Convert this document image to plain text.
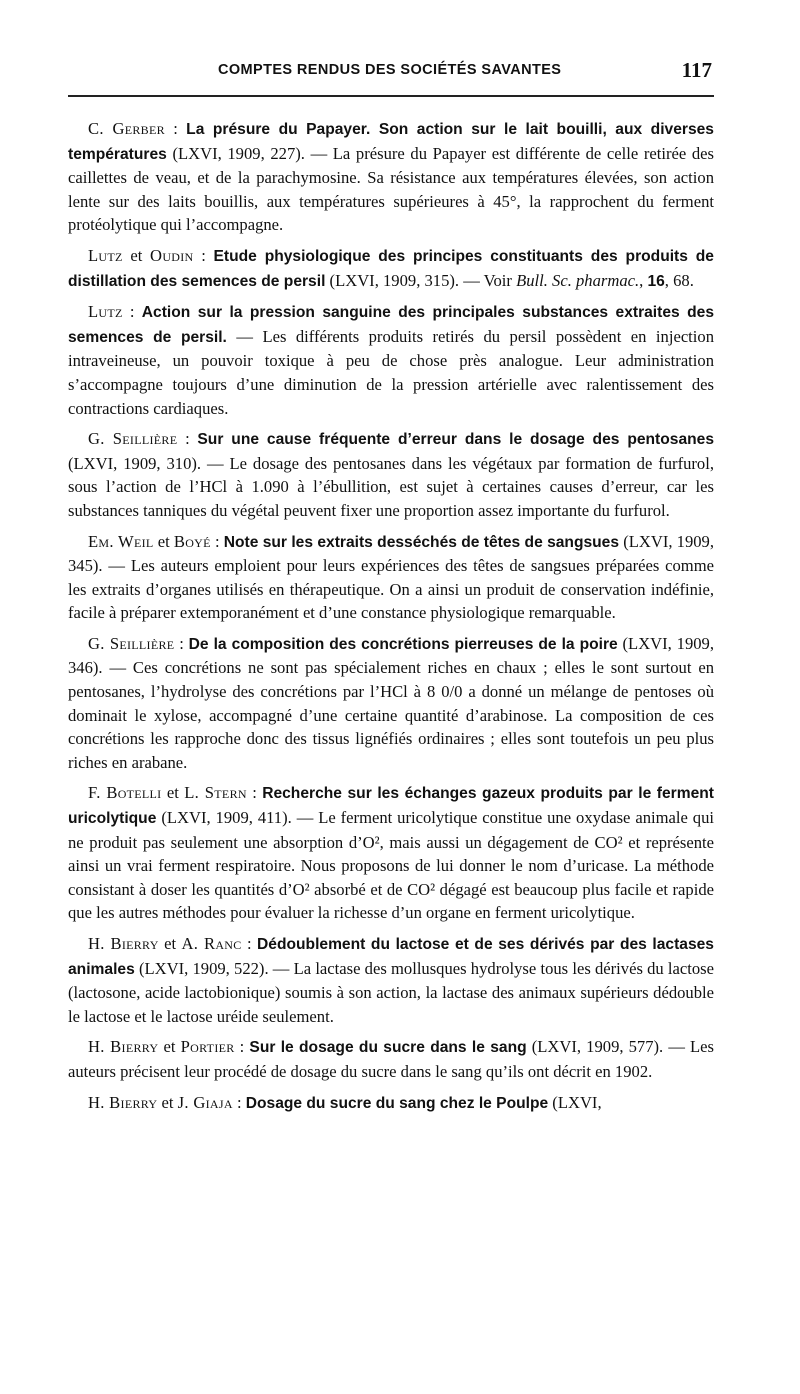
COMPTES RENDUS DES SOCIÉTÉS SAVANTES	117

C. Gerber : La présure du Papayer. Son action sur le lait bouilli, aux diverses températures (LXVI, 1909, 227). — La présure du Papayer est différente de celle retirée des caillettes de veau, et de la parachymosine. Sa résistance aux températures élevées, son action lente sur des laits bouillis, aux températures supérieures à 45°, la rapprochent du ferment protéolytique qui l’accompagne.

Lutz et Oudin : Etude physiologique des principes constituants des produits de distillation des semences de persil (LXVI, 1909, 315). — Voir Bull. Sc. pharmac., 16, 68.

Lutz : Action sur la pression sanguine des principales substances extraites des semences de persil. — Les différents produits retirés du persil possèdent en injection intraveineuse, un pouvoir toxique à peu de chose près analogue. Leur administration s’accompagne toujours d’une diminution de la pression artérielle avec ralentissement des contractions cardiaques.

G. Seillière : Sur une cause fréquente d’erreur dans le dosage des pentosanes (LXVI, 1909, 310). — Le dosage des pentosanes dans les végétaux par formation de furfurol, sous l’action de l’HCl à 1.090 à l’ébullition, est sujet à certaines causes d’erreur, car les substances tanniques du végétal peuvent fixer une proportion assez importante du furfurol.

Em. Weil et Boyé : Note sur les extraits desséchés de têtes de sangsues (LXVI, 1909, 345). — Les auteurs emploient pour leurs expériences des têtes de sangsues préparées comme les extraits d’organes utilisés en thérapeutique. On a ainsi un produit de conservation indéfinie, facile à préparer extemporanément et d’une constance physiologique remarquable.

G. Seillière : De la composition des concrétions pierreuses de la poire (LXVI, 1909, 346). — Ces concrétions ne sont pas spécialement riches en chaux ; elles le sont surtout en pentosanes, l’hydrolyse des concrétions par l’HCl à 8 0/0 a donné un mélange de pentoses où dominait le xylose, accompagné d’une certaine quantité d’arabinose. La composition de ces concrétions les rapproche donc des tissus lignéfiés ordinaires ; elles sont toutefois un peu plus riches en arabane.

F. Botelli et L. Stern : Recherche sur les échanges gazeux produits par le ferment uricolytique (LXVI, 1909, 411). — Le ferment uricolytique constitue une oxydase animale qui ne produit pas seulement une absorption d’O², mais aussi un dégagement de CO² et représente ainsi un vrai ferment respiratoire. Nous proposons de lui donner le nom d’uricase. La méthode consistant à doser les quantités d’O² absorbé et de CO² dégagé est beaucoup plus facile et rapide que les autres méthodes pour évaluer la richesse d’un organe en ferment uricolytique.

H. Bierry et A. Ranc : Dédoublement du lactose et de ses dérivés par des lactases animales (LXVI, 1909, 522). — La lactase des mollusques hydrolyse tous les dérivés du lactose (lactosone, acide lactobionique) soumis à son action, la lactase des animaux supérieurs dédouble le lactose et le lactose uréide seulement.

H. Bierry et Portier : Sur le dosage du sucre dans le sang (LXVI, 1909, 577). — Les auteurs précisent leur procédé de dosage du sucre dans le sang qu’ils ont décrit en 1902.

H. Bierry et J. Giaja : Dosage du sucre du sang chez le Poulpe (LXVI,
